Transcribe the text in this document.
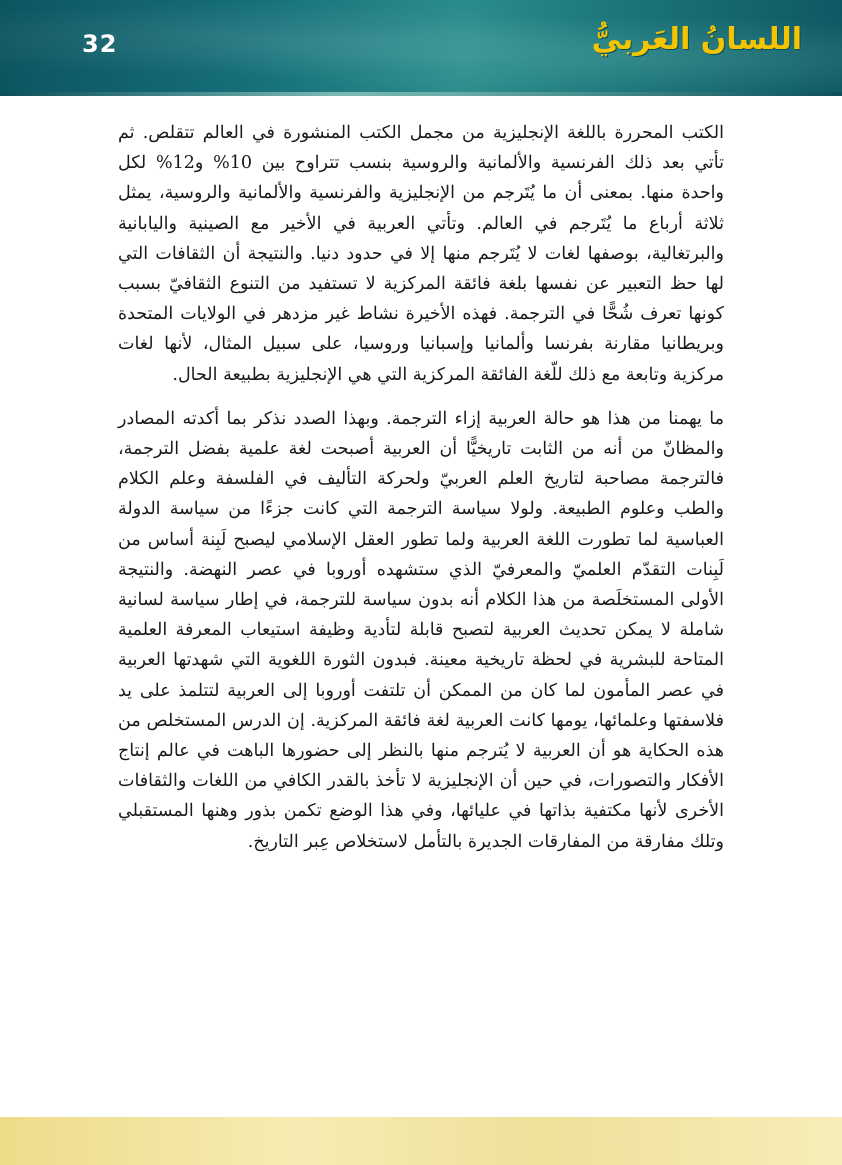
32	اللسانُ العَربيُّ

الكتب المحررة باللغة الإنجليزية من مجمل الكتب المنشورة في العالم تتقلص. ثم تأتي بعد ذلك الفرنسية والألمانية والروسية بنسب تتراوح بين 10% و12% لكل واحدة منها. بمعنى أن ما يُتَرجم من الإنجليزية والفرنسية والألمانية والروسية، يمثل ثلاثة أرباع ما يُتَرجم في العالم. وتأتي العربية في الأخير مع الصينية واليابانية والبرتغالية، بوصفها لغات لا يُتَرجم منها إلا في حدود دنيا. والنتيجة أن الثقافات التي لها حظ التعبير عن نفسها بلغة فائقة المركزية لا تستفيد من التنوع الثقافيّ بسبب كونها تعرف شُحًّا في الترجمة. فهذه الأخيرة نشاط غير مزدهر في الولايات المتحدة وبريطانيا مقارنة بفرنسا وألمانيا وإسبانيا وروسيا، على سبيل المثال، لأنها لغات مركزية وتابعة مع ذلك للّغة الفائقة المركزية التي هي الإنجليزية بطبيعة الحال.

ما يهمنا من هذا هو حالة العربية إزاء الترجمة. وبهذا الصدد نذكر بما أكدته المصادر والمظانّ من أنه من الثابت تاريخيًّا أن العربية أصبحت لغة علمية بفضل الترجمة، فالترجمة مصاحبة لتاريخ العلم العربيّ ولحركة التأليف في الفلسفة وعلم الكلام والطب وعلوم الطبيعة. ولولا سياسة الترجمة التي كانت جزءًا من سياسة الدولة العباسية لما تطورت اللغة العربية ولما تطور العقل الإسلامي ليصبح لَبِنة أساس من لَبِنات التقدّم العلميّ والمعرفيّ الذي ستشهده أوروبا في عصر النهضة. والنتيجة الأولى المستخلَصة من هذا الكلام أنه بدون سياسة للترجمة، في إطار سياسة لسانية شاملة لا يمكن تحديث العربية لتصبح قابلة لتأدية وظيفة استيعاب المعرفة العلمية المتاحة للبشرية في لحظة تاريخية معينة. فبدون الثورة اللغوية التي شهدتها العربية في عصر المأمون لما كان من الممكن أن تلتفت أوروبا إلى العربية لتتلمذ على يد فلاسفتها وعلمائها، يومها كانت العربية لغة فائقة المركزية. إن الدرس المستخلص من هذه الحكاية هو أن العربية لا يُترجم منها بالنظر إلى حضورها الباهت في عالم إنتاج الأفكار والتصورات، في حين أن الإنجليزية لا تأخذ بالقدر الكافي من اللغات والثقافات الأخرى لأنها مكتفية بذاتها في عليائها، وفي هذا الوضع تكمن بذور وهنها المستقبلي وتلك مفارقة من المفارقات الجديرة بالتأمل لاستخلاص عِبر التاريخ.
